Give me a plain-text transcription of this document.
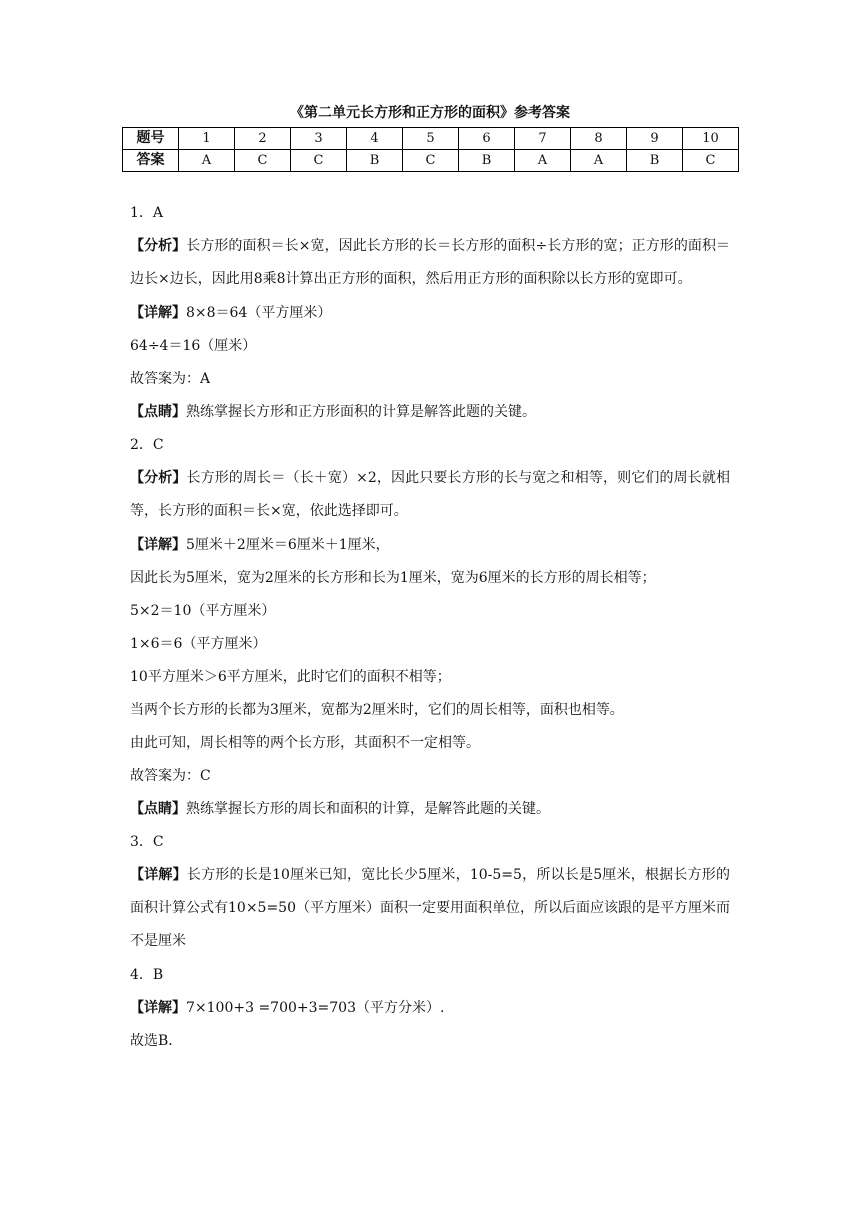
《第二单元长方形和正方形的面积》参考答案
题号	1	2	3	4	5	6	7	8	9	10
答案	A	C	C	B	C	B	A	A	B	C
1．A
【分析】长方形的面积＝长×宽，因此长方形的长＝长方形的面积÷长方形的宽；正方形的面积＝边长×边长，因此用8乘8计算出正方形的面积，然后用正方形的面积除以长方形的宽即可。
【详解】8×8＝64（平方厘米）
64÷4＝16（厘米）
故答案为：A
【点睛】熟练掌握长方形和正方形面积的计算是解答此题的关键。
2．C
【分析】长方形的周长＝（长＋宽）×2，因此只要长方形的长与宽之和相等，则它们的周长就相等，长方形的面积＝长×宽，依此选择即可。
【详解】5厘米＋2厘米＝6厘米＋1厘米，
因此长为5厘米，宽为2厘米的长方形和长为1厘米，宽为6厘米的长方形的周长相等；
5×2＝10（平方厘米）
1×6＝6（平方厘米）
10平方厘米＞6平方厘米，此时它们的面积不相等；
当两个长方形的长都为3厘米，宽都为2厘米时，它们的周长相等，面积也相等。
由此可知，周长相等的两个长方形，其面积不一定相等。
故答案为：C
【点睛】熟练掌握长方形的周长和面积的计算，是解答此题的关键。
3．C
【详解】长方形的长是10厘米已知，宽比长少5厘米，10-5=5，所以长是5厘米，根据长方形的面积计算公式有10×5=50（平方厘米）面积一定要用面积单位，所以后面应该跟的是平方厘米而不是厘米
4．B
【详解】7×100+3 =700+3=703（平方分米）.
故选B．
